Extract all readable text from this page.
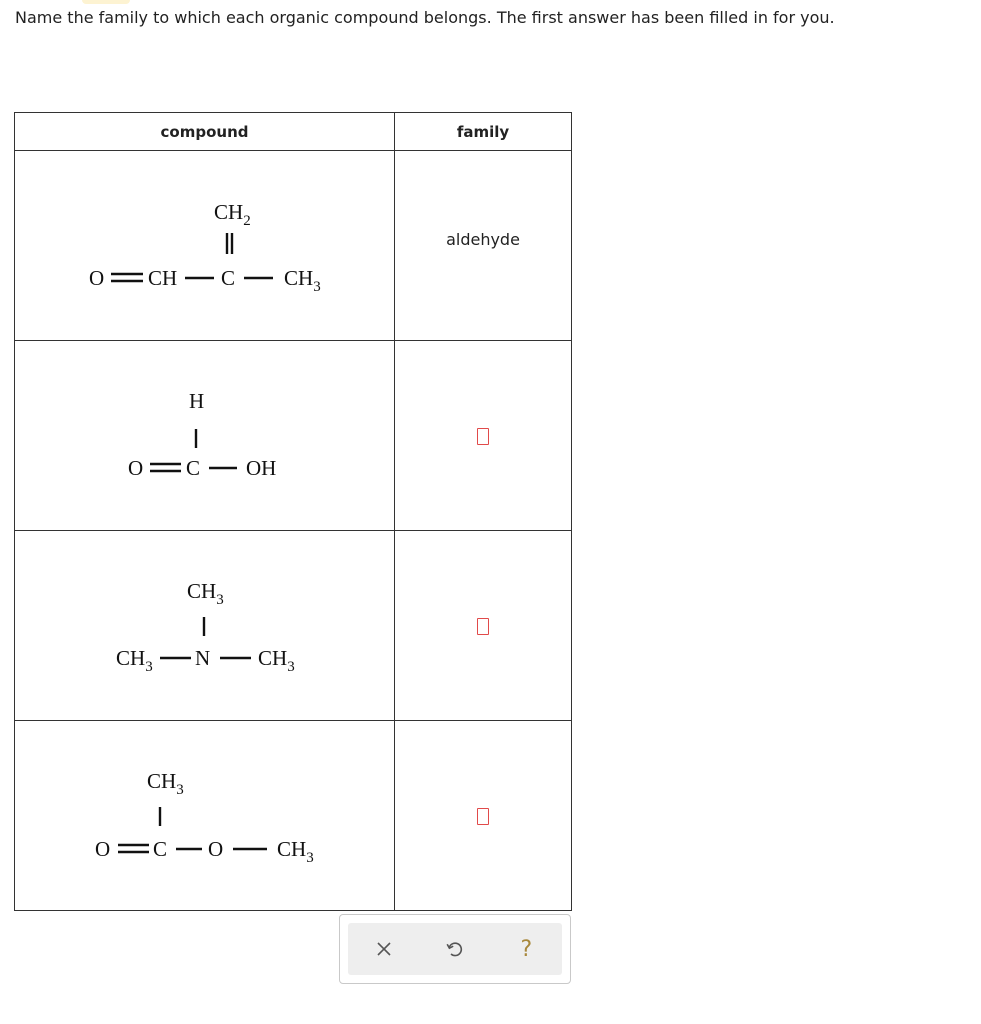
Name the family to which each organic compound belongs. The first answer has been filled in for you.

compound	family

$CH_2$
O CH C $CH_3$	aldehyde

H
O C OH	

$CH_3$
$CH_3$ N $CH_3$

$CH_3$
O C O $CH_3$

?
